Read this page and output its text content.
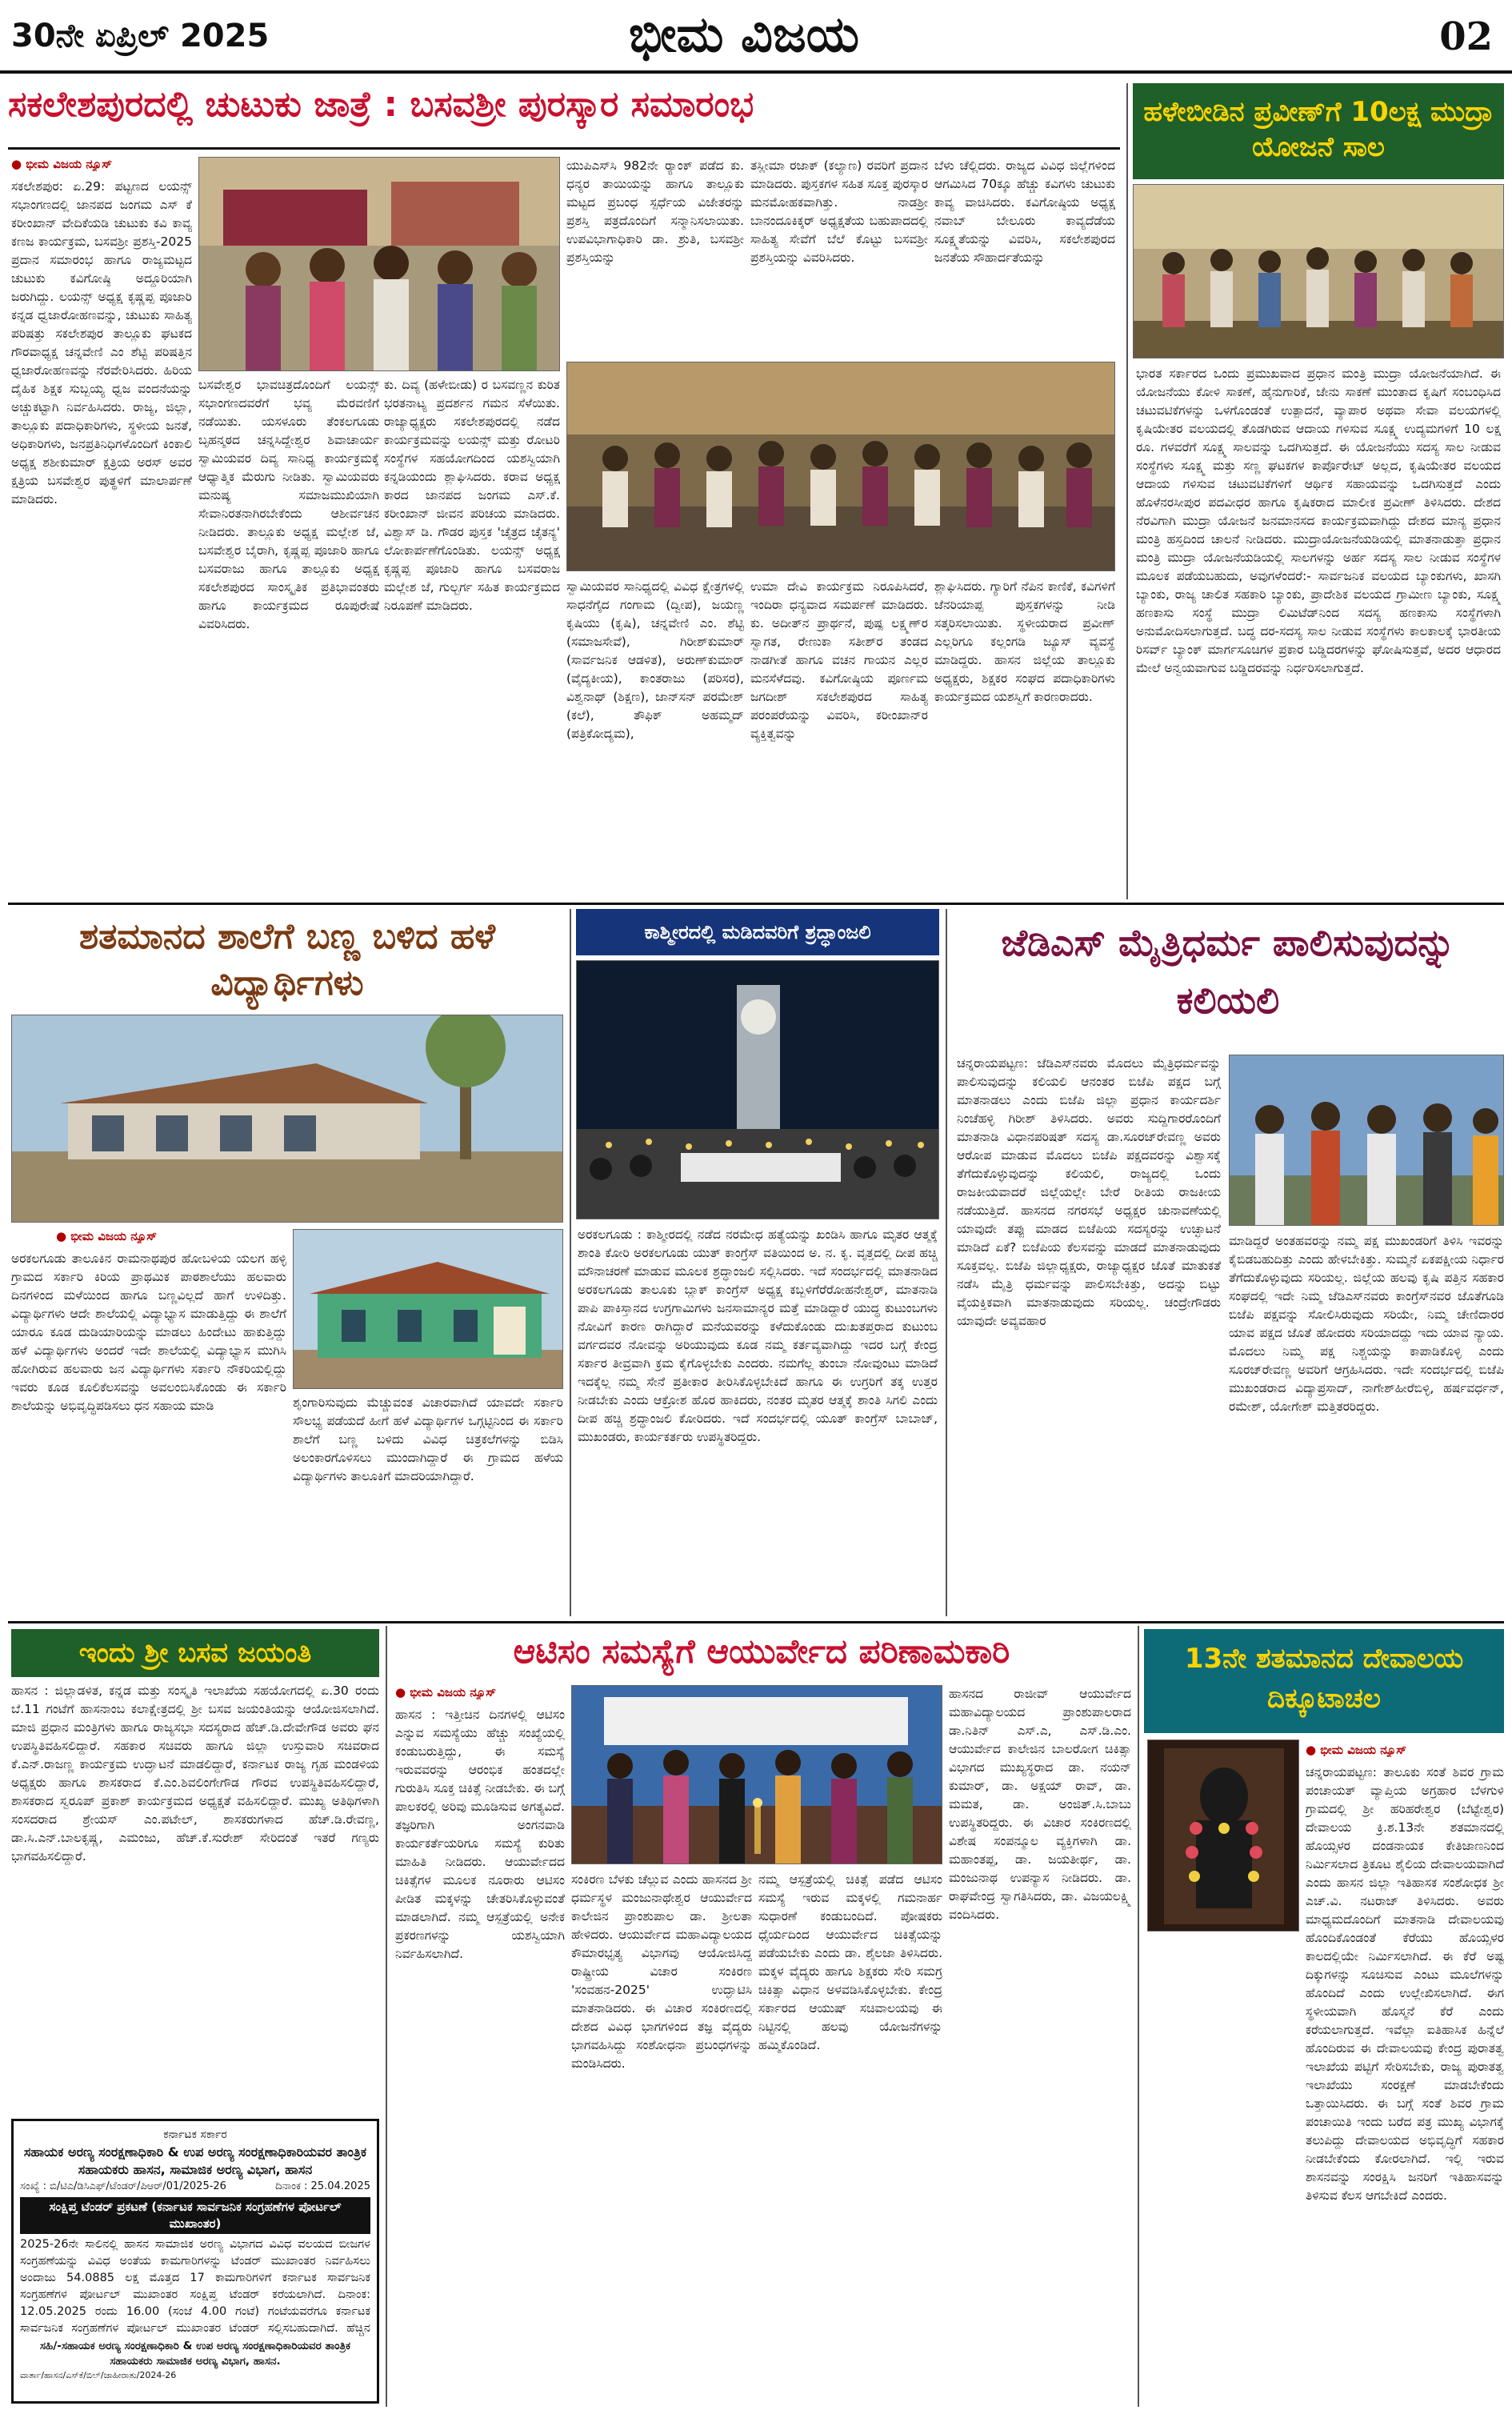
30ನೇ ಏಪ್ರಿಲ್ 2025	ಭೀಮ ವಿಜಯ	02
ಸಕಲೇಶಪುರದಲ್ಲಿ ಚುಟುಕು ಜಾತ್ರೆ : ಬಸವಶ್ರೀ ಪುರಸ್ಕಾರ ಸಮಾರಂಭ
● ಭೀಮ ವಿಜಯ ನ್ಯೂಸ್
ಸಕಲೇಶಪುರ: ಏ.29: ಪಟ್ಟಣದ ಲಯನ್ಸ್ ಸಭಾಂಗಣದಲ್ಲಿ ಜಾನಪದ ಜಂಗಮ ಎಸ್ ಕೆ ಕರೀಂಖಾನ್ ವೇದಿಕೆಯಡಿ ಚುಟುಕು ಕವಿ ಕಾವ್ಯ ಕಣಜ ಕಾರ್ಯಕ್ರಮ, ಬಸವಶ್ರೀ ಪ್ರಶಸ್ತಿ-2025 ಪ್ರದಾನ ಸಮಾರಂಭ ಹಾಗೂ ರಾಜ್ಯಮಟ್ಟದ ಚುಟುಕು ಕವಿಗೋಷ್ಠಿ ಅದ್ದೂರಿಯಾಗಿ ಜರುಗಿದ್ದು. ಲಯನ್ಸ್ ಅಧ್ಯಕ್ಷ ಕೃಷ್ಣಪ್ಪ ಪೂಜಾರಿ ಕನ್ನಡ ಧ್ವಜಾರೋಹಣವನ್ನು, ಚುಟುಕು ಸಾಹಿತ್ಯ ಪರಿಷತ್ತು ಸಕಲೇಶಪುರ ತಾಲ್ಲೂಕು ಘಟಕದ ಗೌರವಾಧ್ಯಕ್ಷ ಚನ್ನವೇಣಿ ಎಂ ಶೆಟ್ಟಿ ಪರಿಷತ್ತಿನ ಧ್ವಜಾರೋಹಣವನ್ನು ನೆರವೇರಿಸಿದರು. ಹಿರಿಯ ದೈಹಿಕ ಶಿಕ್ಷಕ ಸುಬ್ಬಯ್ಯ ಧ್ವಜ ವಂದನೆಯನ್ನು ಅಚ್ಚುಕಟ್ಟಾಗಿ ನಿರ್ವಹಿಸಿದರು. ರಾಜ್ಯ, ಜಿಲ್ಲಾ, ತಾಲ್ಲೂಕು ಪದಾಧಿಕಾರಿಗಳು, ಸ್ಥಳೀಯ ಜನತೆ, ಅಧಿಕಾರಿಗಳು, ಜನಪ್ರತಿನಿಧಿಗಳೊಂದಿಗೆ ಕಿಂಕಾಲಿ ಅಧ್ಯಕ್ಷ ಶಶೀಕುಮಾರ್ ಕ್ಷತ್ರಿಯ ಅರಸ್ ಅವರ ಕ್ಷತ್ರಿಯ ಬಸವೇಶ್ವರ ಪುತ್ಥಳಿಗೆ ಮಾಲಾರ್ಪಣೆ ಮಾಡಿದರು.
ಬಸವೇಶ್ವರ ಭಾವಚಿತ್ರದೊಂದಿಗೆ ಲಯನ್ಸ್ ಸಭಾಂಗಣದವರೆಗೆ ಭವ್ಯ ಮೆರವಣಿಗೆ ನಡೆಯಿತು. ಯಸಳೂರು ತೆಂಕಲಗೂಡು ಬೃಹನ್ಮಠದ ಚನ್ನಸಿದ್ದೇಶ್ವರ ಶಿವಾಚಾರ್ಯ ಸ್ವಾಮಿಯವರ ದಿವ್ಯ ಸಾನಿಧ್ಯ ಕಾರ್ಯಕ್ರಮಕ್ಕೆ ಆಧ್ಯಾತ್ಮಿಕ ಮೆರುಗು ನೀಡಿತು. ಸ್ವಾಮಿಯವರು ಮನುಷ್ಯ ಸಮಾಜಮುಖಿಯಾಗಿ ಸೇವಾನಿರತನಾಗಿರಬೇಕೆಂದು ಆಶೀರ್ವಚನ ನೀಡಿದರು. ತಾಲ್ಲೂಕು ಅಧ್ಯಕ್ಷ ಮಲ್ಲೇಶ ಜೆ, ಬಸವೇಶ್ವರ ಬೈರಾಗಿ, ಕೃಷ್ಣಪ್ಪ ಪೂಜಾರಿ ಹಾಗೂ ಬಸವರಾಜು ಹಾಗೂ ತಾಲ್ಲೂಕು ಅಧ್ಯಕ್ಷ ಸಕಲೇಶಪುರದ ಸಾಂಸ್ಕೃತಿಕ ಪ್ರತಿಭಾವಂತರು ಹಾಗೂ ಕಾರ್ಯಕ್ರಮದ ರೂಪುರೇಷೆ ವಿವರಿಸಿದರು.
ಕು. ದಿವ್ಯ (ಹಳೇಬೀಡು) ರ ಬಸವಣ್ಣನ ಕುರಿತ ಭರತನಾಟ್ಯ ಪ್ರದರ್ಶನ ಗಮನ ಸೆಳೆಯಿತು. ರಾಜ್ಯಾಧ್ಯಕ್ಷರು ಸಕಲೇಶಪುರದಲ್ಲಿ ನಡೆದ ಕಾರ್ಯಕ್ರಮವನ್ನು ಲಯನ್ಸ್ ಮತ್ತು ರೋಟರಿ ಸಂಸ್ಥೆಗಳ ಸಹಯೋಗದಿಂದ ಯಶಸ್ವಿಯಾಗಿ ಕನ್ನಡಿಯಂದು ಶ್ಲಾಘಿಸಿದರು. ಕರಾವ ಅಧ್ಯಕ್ಷ ಕಾರದ ಜಾನಪದ ಜಂಗಮ ಎಸ್.ಕೆ. ಕರೀಂಖಾನ್ ಜೀವನ ಪರಿಚಯ ಮಾಡಿದರು. ವಿಶ್ವಾಸ್ ಡಿ. ಗೌಡರ ಪುಸ್ತಕ 'ಚೈತ್ರದ ಚೈತನ್ಯ' ಲೋಕಾರ್ಪಣೆಗೊಂಡಿತು. ಲಯನ್ಸ್ ಅಧ್ಯಕ್ಷ ಕೃಷ್ಣಪ್ಪ ಪೂಜಾರಿ ಹಾಗೂ ಬಸವರಾಜ ಮಲ್ಲೇಶ ಜೆ, ಗುಲ್ಬರ್ಗ ಸಹಿತ ಕಾರ್ಯಕ್ರಮದ ನಿರೂಪಣೆ ಮಾಡಿದರು.
ಯುಪಿಎಸ್‌ಸಿ 982ನೇ ರ್‍ಯಾಂಕ್ ಪಡೆದ ಕು. ಧನ್ಯರ ತಾಯಿಯನ್ನು ಹಾಗೂ ತಾಲ್ಲೂಕು ಮಟ್ಟದ ಪ್ರಬಂಧ ಸ್ಪರ್ಧೆಯ ವಿಜೇತರನ್ನು ಪ್ರಶಸ್ತಿ ಪತ್ರದೊಂದಿಗೆ ಸನ್ಮಾನಿಸಲಾಯಿತು. ಉಪವಿಭಾಗಾಧಿಕಾರಿ ಡಾ. ಶ್ರುತಿ, ಬಸವಶ್ರೀ ಪ್ರಶಸ್ತಿಯನ್ನು
ತಸ್ಲೀಮಾ ರಜಾಕ್ (ಕಲ್ಯಾಣ) ರವರಿಗೆ ಪ್ರದಾನ ಮಾಡಿದರು. ಪುಸ್ತಕಗಳ ಸಹಿತ ಸೂಕ್ತ ಪುರಸ್ಕಾರ ಮನಮೋಹಕವಾಗಿತ್ತು. ನಾಡಶ್ರೀ ಬಾನಂದೂಕಿಕ್ಕರ್ ಅಧ್ಯಕ್ಷತೆಯ ಬಹುಪಾದದಲ್ಲಿ ಸಾಹಿತ್ಯ ಸೇವೆಗೆ ಬೆಲೆ ಕೊಟ್ಟು ಬಸವಶ್ರೀ ಪ್ರಶಸ್ತಿಯನ್ನು ವಿವರಿಸಿದರು.
ಬೆಳು ಚೆಲ್ಲಿದರು. ರಾಜ್ಯದ ವಿವಿಧ ಜಿಲ್ಲೆಗಳಿಂದ ಆಗಮಿಸಿದ 70ಕ್ಕೂ ಹೆಚ್ಚು ಕವಿಗಳು ಚುಟುಕು ಕಾವ್ಯ ವಾಚಿಸಿದರು. ಕವಿಗೋಷ್ಠಿಯ ಅಧ್ಯಕ್ಷ ನವಾಬ್ ಬೇಲೂರು ಕಾವ್ಯದೆಡೆಯ ಸೂಕ್ಷ್ಮತೆಯನ್ನು ವಿವರಿಸಿ, ಸಕಲೇಶಪುರದ ಜನತೆಯ ಸೌಹಾರ್ದತೆಯನ್ನು
ಸ್ವಾಮಿಯವರ ಸಾನಿಧ್ಯದಲ್ಲಿ ವಿವಿಧ ಕ್ಷೇತ್ರಗಳಲ್ಲಿ ಸಾಧನೆಗೈದ ಗಂಗಾಮ (ದ್ವೀಪ), ಜಯಣ್ಣ ಕೃಷಿಯು (ಕೃಷಿ), ಚನ್ನವೇಣಿ ಎಂ. ಶೆಟ್ಟಿ (ಸಮಾಜಸೇವೆ), ಗಿರೀಶ್‌ಕುಮಾರ್ (ಸಾರ್ವಜನಿಕ ಆಡಳಿತ), ಅರುಣ್‌ಕುಮಾರ್ (ವೈದ್ಯಕೀಯ), ಕಾಂತರಾಜು (ಪರಿಸರ), ವಿಶ್ವನಾಥ್ (ಶಿಕ್ಷಣ), ಜಾನ್‌ಸನ್ ಪರಮೇಶ್ (ಕಲೆ), ತೌಫಿಕ್ ಅಹಮ್ಮದ್ (ಪತ್ರಿಕೋದ್ಯಮ),
ಉಮಾ ದೇವಿ ಕಾರ್ಯಕ್ರಮ ನಿರೂಪಿಸಿದರೆ, ಇಂದಿರಾ ಧನ್ಯವಾದ ಸಮರ್ಪಣೆ ಮಾಡಿದರು. ಕು. ಅದೀತ್‌ನ ಪ್ರಾರ್ಥನೆ, ಪುಷ್ಪ ಲಕ್ಷ್ಮಣ್‌ರ ಸ್ವಾಗತ, ರೇಣುಕಾ ಸತೀಶ್‌ರ ತಂಡದ ನಾಡಗೀತೆ ಹಾಗೂ ವಚನ ಗಾಯನ ಎಲ್ಲರ ಮನಸೆಳೆದವು. ಕವಿಗೋಷ್ಠಿಯ ಪೂರ್ಣಮ ಜಗದೀಶ್ ಸಕಲೇಶಪುರದ ಸಾಹಿತ್ಯ ಪರಂಪರೆಯನ್ನು ವಿವರಿಸಿ, ಕರೀಂಖಾನ್‌ರ ವ್ಯಕ್ತಿತ್ವವನ್ನು
ಶ್ಲಾಘಿಸಿದರು. ಗ್ಯಾರಿಗೆ ನೆಪಿನ ಕಾಣಿಕೆ, ಕವಿಗಳಿಗೆ ಜೆನರಿಯಾಪ್ಪ ಪುಸ್ತಕಗಳನ್ನು ನೀಡಿ ಸತ್ಕರಿಸಲಾಯಿತು. ಸ್ಥಳೀಯರಾದ ಪ್ರವೀಣ್ ಎಲ್ಲರಿಗೂ ಕಲ್ಲಂಗಡಿ ಜ್ಯೂಸ್ ವ್ಯವಸ್ಥೆ ಮಾಡಿದ್ದರು. ಹಾಸನ ಜಿಲ್ಲೆಯ ತಾಲ್ಲೂಕು ಅಧ್ಯಕ್ಷರು, ಶಿಕ್ಷಕರ ಸಂಘದ ಪದಾಧಿಕಾರಿಗಳು ಕಾರ್ಯಕ್ರಮದ ಯಶಸ್ವಿಗೆ ಕಾರಣರಾದರು.
ಹಳೇಬೀಡಿನ ಪ್ರವೀಣ್‌ಗೆ 10ಲಕ್ಷ ಮುದ್ರಾ ಯೋಜನೆ ಸಾಲ
ಭಾರತ ಸರ್ಕಾರದ ಒಂದು ಪ್ರಮುಖವಾದ ಪ್ರಧಾನ ಮಂತ್ರಿ ಮುದ್ರಾ ಯೋಜನೆಯಾಗಿದೆ. ಈ ಯೋಜನೆಯು ಕೋಳಿ ಸಾಕಣೆ, ಹೈನುಗಾರಿಕೆ, ಜೇನು ಸಾಕಣೆ ಮುಂತಾದ ಕೃಷಿಗೆ ಸಂಬಂಧಿಸಿದ ಚಟುವಟಿಕೆಗಳನ್ನು ಒಳಗೊಂಡಂತೆ ಉತ್ಪಾದನೆ, ವ್ಯಾಪಾರ ಅಥವಾ ಸೇವಾ ವಲಯಗಳಲ್ಲಿ ಕೃಷಿಯೇತರ ವಲಯದಲ್ಲಿ ತೊಡಗಿರುವ ಆದಾಯ ಗಳಿಸುವ ಸೂಕ್ಷ್ಮ ಉದ್ಯಮಗಳಿಗೆ 10 ಲಕ್ಷ ರೂ. ಗಳವರೆಗೆ ಸೂಕ್ಷ್ಮ ಸಾಲವನ್ನು ಒದಗಿಸುತ್ತದೆ. ಈ ಯೋಜನೆಯು ಸದಸ್ಯ ಸಾಲ ನೀಡುವ ಸಂಸ್ಥೆಗಳು ಸೂಕ್ಷ್ಮ ಮತ್ತು ಸಣ್ಣ ಘಟಕಗಳ ಕಾರ್ಪೊರೇಟ್ ಅಲ್ಲದ, ಕೃಷಿಯೇತರ ವಲಯದ ಆದಾಯ ಗಳಿಸುವ ಚಟುವಟಿಕೆಗಳಿಗೆ ಆರ್ಥಿಕ ಸಹಾಯವನ್ನು ಒದಗಿಸುತ್ತದೆ ಎಂದು ಹೊಳೆನರಸೀಪುರ ಪದವೀಧರ ಹಾಗೂ ಕೃಷಿಕರಾದ ಮಾಲೀಕ ಪ್ರವೀಣ್ ತಿಳಿಸಿದರು. ದೇಶದ ನೆರವಿಗಾಗಿ ಮುದ್ರಾ ಯೋಜನೆ ಜನಮಾನಸದ ಕಾರ್ಯಕ್ರಮವಾಗಿದ್ದು ದೇಶದ ಮಾನ್ಯ ಪ್ರಧಾನ ಮಂತ್ರಿ ಹಸ್ತದಿಂದ ಚಾಲನೆ ನೀಡಿದರು. ಮುದ್ರಾಯೋಜನೆಯಡಿಯಲ್ಲಿ ಮಾತನಾಡುತ್ತಾ ಪ್ರಧಾನ ಮಂತ್ರಿ ಮುದ್ರಾ ಯೋಜನೆಯಡಿಯಲ್ಲಿ ಸಾಲಗಳನ್ನು ಅರ್ಹ ಸದಸ್ಯ ಸಾಲ ನೀಡುವ ಸಂಸ್ಥೆಗಳ ಮೂಲಕ ಪಡೆಯಬಹುದು, ಅವುಗಳೆಂದರೆ:- ಸಾರ್ವಜನಿಕ ವಲಯದ ಬ್ಯಾಂಕುಗಳು, ಖಾಸಗಿ ಬ್ಯಾಂಕು, ರಾಜ್ಯ ಚಾಲಿತ ಸಹಕಾರಿ ಬ್ಯಾಂಕು, ಪ್ರಾದೇಶಿಕ ವಲಯದ ಗ್ರಾಮೀಣ ಬ್ಯಾಂಕು, ಸೂಕ್ಷ್ಮ ಹಣಕಾಸು ಸಂಸ್ಥೆ ಮುದ್ರಾ ಲಿಮಿಟೆಡ್‌ನಿಂದ ಸದಸ್ಯ ಹಣಕಾಸು ಸಂಸ್ಥೆಗಳಾಗಿ ಅನುಮೋದಿಸಲಾಗುತ್ತದೆ. ಬದ್ಧ ದರ-ಸದಸ್ಯ ಸಾಲ ನೀಡುವ ಸಂಸ್ಥೆಗಳು ಕಾಲಕಾಲಕ್ಕೆ ಭಾರತೀಯ ರಿಸರ್ವ್ ಬ್ಯಾಂಕ್ ಮಾರ್ಗಸೂಚಿಗಳ ಪ್ರಕಾರ ಬಡ್ಡಿದರಗಳನ್ನು ಘೋಷಿಸುತ್ತವೆ, ಅದರ ಆಧಾರದ ಮೇಲೆ ಅನ್ವಯವಾಗುವ ಬಡ್ಡಿದರವನ್ನು ನಿರ್ಧರಿಸಲಾಗುತ್ತದೆ.
ಶತಮಾನದ ಶಾಲೆಗೆ ಬಣ್ಣ ಬಳಿದ ಹಳೆ ವಿದ್ಯಾರ್ಥಿಗಳು
● ಭೀಮ ವಿಜಯ ನ್ಯೂಸ್
ಅರಕಲಗೂಡು ತಾಲೂಕಿನ ರಾಮನಾಥಪುರ ಹೋಬಳಿಯ ಯಲಗ ಹಳ್ಳಿ ಗ್ರಾಮದ ಸರ್ಕಾರಿ ಕಿರಿಯ ಪ್ರಾಥಮಿಕ ಪಾಠಶಾಲೆಯು ಹಲವಾರು ದಿನಗಳಿಂದ ಮಳೆಯಿಂದ ಹಾಗೂ ಬಣ್ಣವಿಲ್ಲದೆ ಹಾಗೆ ಉಳಿದಿತ್ತು. ವಿದ್ಯಾರ್ಥಿಗಳು ಆದೇ ಶಾಲೆಯಲ್ಲಿ ವಿದ್ಯಾಭ್ಯಾಸ ಮಾಡುತ್ತಿದ್ದು ಈ ಶಾಲೆಗೆ ಯಾರೂ ಕೂಡ ದುಡಿಯಾರಿಯನ್ನು ಮಾಡಲು ಹಿಂದೇಟು ಹಾಕುತ್ತಿದ್ದು ಹಳೆ ವಿದ್ಯಾರ್ಥಿಗಳು ಅಂದರೆ ಇದೇ ಶಾಲೆಯಲ್ಲಿ ವಿದ್ಯಾಭ್ಯಾಸ ಮುಗಿಸಿ ಹೋಗಿರುವ ಹಲವಾರು ಜನ ವಿದ್ಯಾರ್ಥಿಗಳು ಸರ್ಕಾರಿ ನೌಕರಿಯಲ್ಲಿದ್ದು ಇವರು ಕೂಡ ಕೂಲಿಕೆಲಸವನ್ನು ಅವಲಂಬಿಸಿಕೊಂಡು ಈ ಸರ್ಕಾರಿ ಶಾಲೆಯನ್ನು ಅಭಿವೃದ್ಧಿಪಡಿಸಲು ಧನ ಸಹಾಯ ಮಾಡಿ	ಶೃಂಗಾರಿಸುವುದು ಮೆಚ್ಚುವಂತ ವಿಚಾರವಾಗಿದೆ ಯಾವದೇ ಸರ್ಕಾರಿ ಸೌಲಭ್ಯ ಪಡೆಯದೆ ಹೀಗೆ ಹಳೆ ವಿದ್ಯಾರ್ಥಿಗಳ ಒಗ್ಗಟ್ಟಿನಿಂದ ಈ ಸರ್ಕಾರಿ ಶಾಲೆಗೆ ಬಣ್ಣ ಬಳಿದು ವಿವಿಧ ಚಿತ್ರಕಲೆಗಳನ್ನು ಬಿಡಿಸಿ ಅಲಂಕಾರಗೊಳಿಸಲು ಮುಂದಾಗಿದ್ದಾರೆ ಈ ಗ್ರಾಮದ ಹಳೆಯ ವಿದ್ಯಾರ್ಥಿಗಳು ತಾಲೂಕಿಗೆ ಮಾದರಿಯಾಗಿದ್ದಾರೆ.
ಕಾಶ್ಮೀರದಲ್ಲಿ ಮಡಿದವರಿಗೆ ಶ್ರದ್ಧಾಂಜಲಿ
ಅರಕಲಗೂಡು : ಕಾಶ್ಮೀರದಲ್ಲಿ ನಡೆದ ನರಮೇಧ ಹತ್ಯೆಯನ್ನು ಖಂಡಿಸಿ ಹಾಗೂ ಮೃತರ ಆತ್ಮಕ್ಕೆ ಶಾಂತಿ ಕೋರಿ ಅರಕಲಗೂಡು ಯುತ್ ಕಾಂಗ್ರೆಸ್ ವತಿಯಿಂದ ಅ. ನ. ಕೃ. ವೃತ್ತದಲ್ಲಿ ದೀಪ ಹಚ್ಚಿ ಮೌನಾಚರಣೆ ಮಾಡುವ ಮೂಲಕ ಶ್ರದ್ಧಾಂಜಲಿ ಸಲ್ಲಿಸಿದರು. ಇದೆ ಸಂದರ್ಭದಲ್ಲಿ ಮಾತನಾಡಿದ ಅರಕಲಗೂಡು ತಾಲೂಕು ಬ್ಲಾಕ್ ಕಾಂಗ್ರೆಸ್ ಅಧ್ಯಕ್ಷ ಕಬ್ಬಳಿಗೆರೆರೋಹನೇಶ್ವರ್, ಮಾತನಾಡಿ ಪಾಪಿ ಪಾಕಿಸ್ತಾನದ ಉಗ್ರಗಾಮಿಗಳು ಜನಸಾಮಾನ್ಯರ ಮತ್ತೆ ಮಾಡಿದ್ದಾರೆ ಯುದ್ಧ ಕುಟುಂಬಗಳು ನೋವಿಗೆ ಕಾರಣ ರಾಗಿದ್ದಾರೆ ಮನೆಯವರನ್ನು ಕಳೆದುಕೊಂಡು ದುಃಖತಪ್ತರಾದ ಕುಟುಂಬ ವರ್ಗದವರ ನೋವನ್ನು ಅರಿಯುವುದು ಕೂಡ ನಮ್ಮ ಕರ್ತವ್ಯವಾಗಿದ್ದು ಇದರ ಬಗ್ಗೆ ಕೇಂದ್ರ ಸರ್ಕಾರ ತೀವ್ರವಾಗಿ ಕ್ರಮ ಕೈಗೊಳ್ಳಬೇಕು ಎಂದರು. ನಮಗೆಲ್ಲ ತುಂಬಾ ನೋವುಂಟು ಮಾಡಿದೆ ಇದಕ್ಕೆಲ್ಲ ನಮ್ಮ ಸೇನೆ ಪ್ರತೀಕಾರ ತೀರಿಸಿಕೊಳ್ಳಬೇಕಿದೆ ಹಾಗೂ ಈ ಉಗ್ರರಿಗೆ ತಕ್ಕ ಉತ್ತರ ನೀಡಬೇಕು ಎಂದು ಆಕ್ರೋಶ ಹೊರ ಹಾಕಿದರು, ನಂತರ ಮೃತರ ಆತ್ಮಕ್ಕೆ ಶಾಂತಿ ಸಿಗಲಿ ಎಂದು ದೀಪ ಹಚ್ಚಿ ಶ್ರದ್ಧಾಂಜಲಿ ಕೋರಿದರು. ಇದೆ ಸಂದರ್ಭದಲ್ಲಿ ಯೂತ್ ಕಾಂಗ್ರೆಸ್ ಬಾಬಾಜ್, ಮುಖಂಡರು, ಕಾರ್ಯಕರ್ತರು ಉಪಸ್ಥಿತರಿದ್ದರು.
ಜೆಡಿಎಸ್ ಮೈತ್ರಿಧರ್ಮ ಪಾಲಿಸುವುದನ್ನು ಕಲಿಯಲಿ
ಚನ್ನರಾಯಪಟ್ಟಣ: ಜೆಡಿಎಸ್‌ನವರು ಮೊದಲು ಮೈತ್ರಿಧರ್ಮವನ್ನು ಪಾಲಿಸುವುದನ್ನು ಕಲಿಯಲಿ ಆನಂತರ ಬಿಜೆಪಿ ಪಕ್ಷದ ಬಗ್ಗೆ ಮಾತನಾಡಲು ಎಂದು ಬಿಜೆಪಿ ಜಿಲ್ಲಾ ಪ್ರಧಾನ ಕಾರ್ಯದರ್ಶಿ ನಿಂಚೆಹಳ್ಳಿ ಗಿರೀಶ್ ತಿಳಿಸಿದರು. ಅವರು ಸುದ್ದಿಗಾರರೊಂದಿಗೆ ಮಾತನಾಡಿ ವಿಧಾನಪರಿಷತ್ ಸದಸ್ಯ ಡಾ.ಸೂರಜ್‌ರೇವಣ್ಣ ಅವರು ಆರೋಪ ಮಾಡುವ ಮೊದಲು ಬಿಜೆಪಿ ಪಕ್ಷದವರನ್ನು ವಿಶ್ವಾಸಕ್ಕೆ ತೆಗೆದುಕೊಳ್ಳುವುದನ್ನು ಕಲಿಯಲಿ, ರಾಜ್ಯದಲ್ಲಿ ಒಂದು ರಾಜಕೀಯವಾದರೆ ಜಿಲ್ಲೆಯಲ್ಲೇ ಬೇರೆ ರೀತಿಯ ರಾಜಕೀಯ ನಡೆಯುತ್ತಿದೆ. ಹಾಸನದ ನಗರಸಭೆ ಅಧ್ಯಕ್ಷರ ಚುನಾವಣೆಯಲ್ಲಿ ಯಾವುದೇ ತಪ್ಪು ಮಾಡದ ಬಿಜೆಪಿಯ ಸದಸ್ಯರನ್ನು ಉಚ್ಛಾಟನೆ ಮಾಡಿದೆ ಏಕೆ? ಬಿಜೆಪಿಯ ಕೆಲಸವನ್ನು ಮಾಡದೆ ಮಾತನಾಡುವುದು ಸೂಕ್ತವಲ್ಲ. ಬಿಜೆಪಿ ಜಿಲ್ಲಾಧ್ಯಕ್ಷರು, ರಾಜ್ಯಾಧ್ಯಕ್ಷರ ಜೊತೆ ಮಾತುಕತೆ ನಡೆಸಿ ಮೈತ್ರಿ ಧರ್ಮವನ್ನು ಪಾಲಿಸಬೇಕಿತ್ತು, ಅದನ್ನು ಬಿಟ್ಟು ವೈಯಕ್ತಿಕವಾಗಿ ಮಾತನಾಡುವುದು ಸರಿಯಲ್ಲ. ಚಂದ್ರೇಗೌಡರು ಯಾವುದೇ ಅವ್ಯವಹಾರ
ಮಾಡಿದ್ದರೆ ಅಂತಹವರನ್ನು ನಮ್ಮ ಪಕ್ಷ ಮುಖಂಡರಿಗೆ ತಿಳಿಸಿ ಇವರನ್ನು ಕೈಬಿಡಬಹುದಿತ್ತು ಎಂದು ಹೇಳಬೇಕಿತ್ತು. ಸುಮ್ಮನೆ ಏಕಪಕ್ಷೀಯ ನಿರ್ಧಾರ ತೆಗೆದುಕೊಳ್ಳುವುದು ಸರಿಯಲ್ಲ. ಜಿಲ್ಲೆಯ ಹಲವು ಕೃಷಿ ಪತ್ತಿನ ಸಹಕಾರ ಸಂಘದಲ್ಲಿ ಇದೇ ನಿಮ್ಮ ಜೆಡಿಎಸ್‌ನವರು ಕಾಂಗ್ರೆಸ್‌ನವರ ಜೊತೆಗೂಡಿ ಬಿಜೆಪಿ ಪಕ್ಷವನ್ನು ಸೋಲಿಸಿರುವುದು ಸರಿಯೇ, ನಿಮ್ಮ ಚೇಣಿದಾರರ ಯಾವ ಪಕ್ಷದ ಜೊತೆ ಹೋದರು ಸರಿಯಾದದ್ದು ಇದು ಯಾವ ನ್ಯಾಯ. ಮೊದಲು ನಿಮ್ಮ ಪಕ್ಷ ನಿಶ್ಚಯನ್ನು ಕಾಪಾಡಿಕೊಳ್ಳಿ ಎಂದು ಸೂರಜ್‌ರೇವಣ್ಣ ಅವರಿಗೆ ಆಗ್ರಹಿಸಿದರು. ಇದೇ ಸಂದರ್ಭದಲ್ಲಿ ಬಿಜೆಪಿ ಮುಖಂಡರಾದ ವಿದ್ಯಾಪ್ರಸಾದ್, ನಾಗೇಶ್‌ಹೀರೆಬಿಳ್ಳಿ, ಹರ್ಷವರ್ಧನ್, ರಮೇಶ್, ಯೋಗೇಶ್ ಮತ್ತಿತರರಿದ್ದರು.
ಇಂದು ಶ್ರೀ ಬಸವ ಜಯಂತಿ
ಹಾಸನ : ಜಿಲ್ಲಾಡಳಿತ, ಕನ್ನಡ ಮತ್ತು ಸಂಸ್ಕೃತಿ ಇಲಾಖೆಯ ಸಹಯೋಗದಲ್ಲಿ ಏ.30 ರಂದು ಬೆ.11 ಗಂಟೆಗೆ ಹಾಸನಾಂಬ ಕಲಾಕ್ಷೇತ್ರದಲ್ಲಿ ಶ್ರೀ ಬಸವ ಜಯಂತಿಯನ್ನು ಆಯೋಜಿಸಲಾಗಿದೆ. ಮಾಜಿ ಪ್ರಧಾನ ಮಂತ್ರಿಗಳು ಹಾಗೂ ರಾಜ್ಯಸಭಾ ಸದಸ್ಯರಾದ ಹೆಚ್.ಡಿ.ದೇವೇಗೌಡ ಅವರು ಘನ ಉಪಸ್ಥಿತಿವಹಿಸಲಿದ್ದಾರೆ. ಸಹಕಾರ ಸಚಿವರು ಹಾಗೂ ಜಿಲ್ಲಾ ಉಸ್ತುವಾರಿ ಸಚಿವರಾದ ಕೆ.ಎನ್.ರಾಜಣ್ಣ ಕಾರ್ಯಕ್ರಮ ಉದ್ಘಾಟನೆ ಮಾಡಲಿದ್ದಾರೆ, ಕರ್ನಾಟಕ ರಾಜ್ಯ ಗೃಹ ಮಂಡಳಿಯ ಅಧ್ಯಕ್ಷರು ಹಾಗೂ ಶಾಸಕರಾದ ಕೆ.ಎಂ.ಶಿವಲಿಂಗೇಗೌಡ ಗೌರವ ಉಪಸ್ಥಿತಿವಹಿಸಲಿದ್ದಾರೆ, ಶಾಸಕರಾದ ಸ್ವರೂಪ್ ಪ್ರಕಾಶ್ ಕಾರ್ಯಕ್ರಮದ ಅಧ್ಯಕ್ಷತೆ ವಹಿಸಲಿದ್ದಾರೆ. ಮುಖ್ಯ ಅತಿಥಿಗಳಾಗಿ ಸಂಸದರಾದ ಶ್ರೇಯಸ್ ಎಂ.ಪಟೇಲ್, ಶಾಸಕರುಗಳಾದ ಹೆಚ್.ಡಿ.ರೇವಣ್ಣ, ಡಾ.ಸಿ.ಎನ್.ಬಾಲಕೃಷ್ಣ, ಎಮಂಜು, ಹೆಚ್.ಕೆ.ಸುರೇಶ್ ಸೇರಿದಂತೆ ಇತರೆ ಗಣ್ಯರು ಭಾಗವಹಿಸಲಿದ್ದಾರೆ.
ಕರ್ನಾಟಕ ಸರ್ಕಾರ
ಸಹಾಯಕ ಅರಣ್ಯ ಸಂರಕ್ಷಣಾಧಿಕಾರಿ & ಉಪ ಅರಣ್ಯ ಸಂರಕ್ಷಣಾಧಿಕಾರಿಯವರ ತಾಂತ್ರಿಕ ಸಹಾಯಕರು ಹಾಸನ, ಸಾಮಾಜಿಕ ಅರಣ್ಯ ವಿಭಾಗ, ಹಾಸನ
ಸಂಖ್ಯೆ : ಬಿ/ಟಿಎ/ಡಿಸಿಎಫ್/ಟೆಂಡರ್/ಪಿಆರ್/01/2025-26	ದಿನಾಂಕ : 25.04.2025
ಸಂಕ್ಷಿಪ್ತ ಟೆಂಡರ್ ಪ್ರಕಟಣೆ (ಕರ್ನಾಟಕ ಸಾರ್ವಜನಿಕ ಸಂಗ್ರಹಣೆಗಳ ಪೋರ್ಟಲ್ ಮುಖಾಂತರ)
2025-26ನೇ ಸಾಲಿನಲ್ಲಿ ಹಾಸನ ಸಾಮಾಜಿಕ ಅರಣ್ಯ ವಿಭಾಗದ ವಿವಿಧ ವಲಯದ ಬೀಜಗಳ ಸಂಗ್ರಹಣೆಯನ್ನು ವಿವಿಧ ಅಂತೆಯ ಕಾಮಗಾರಿಗಳನ್ನು ಟೆಂಡರ್ ಮುಖಾಂತರ ನಿರ್ವಹಿಸಲು ಅಂದಾಜು 54.0885 ಲಕ್ಷ ಮೊತ್ತದ 17 ಕಾಮಗಾರಿಗಳಿಗೆ ಕರ್ನಾಟಕ ಸಾರ್ವಜನಿಕ ಸಂಗ್ರಹಣೆಗಳ ಪೋರ್ಟಲ್ ಮುಖಾಂತರ ಸಂಕ್ಷಿಪ್ತ ಟೆಂಡರ್ ಕರೆಯಲಾಗಿದೆ. ದಿನಾಂಕ: 12.05.2025 ರಂದು 16.00 (ಸಂಜೆ 4.00 ಗಂಟೆ) ಗಂಟೆಯವರೆಗೂ ಕರ್ನಾಟಕ ಸಾರ್ವಜನಿಕ ಸಂಗ್ರಹಣೆಗಳ ಪೋರ್ಟಲ್ ಮುಖಾಂತರ ಟೆಂಡರ್ ಸಲ್ಲಿಸಬಹುದಾಗಿದೆ. ಹೆಚ್ಚಿನ
ಸಹಿ/-ಸಹಾಯಕ ಅರಣ್ಯ ಸಂರಕ್ಷಣಾಧಿಕಾರಿ & ಉಪ ಅರಣ್ಯ ಸಂರಕ್ಷಣಾಧಿಕಾರಿಯವರ ತಾಂತ್ರಿಕ ಸಹಾಯಕರು ಸಾಮಾಜಿಕ ಅರಣ್ಯ ವಿಭಾಗ, ಹಾಸನ.
ವಾರ್ತಾ/ಹಾಸನ/ಎಸ್‌ಕೆ/ಬಿಲ್/ಜಾಹೀರಾತು/2024-26
ಆಟಿಸಂ ಸಮಸ್ಯೆಗೆ ಆಯುರ್ವೇದ ಪರಿಣಾಮಕಾರಿ
● ಭೀಮ ವಿಜಯ ನ್ಯೂಸ್
ಹಾಸನ : ಇತ್ತೀಚಿನ ದಿನಗಳಲ್ಲಿ ಆಟಿಸಂ ಎನ್ನುವ ಸಮಸ್ಯೆಯು ಹೆಚ್ಚು ಸಂಖ್ಯೆಯಲ್ಲಿ ಕಂಡುಬರುತ್ತಿದ್ದು, ಈ ಸಮಸ್ಯೆ ಇರುವವರನ್ನು ಆರಂಭಿಕ ಹಂತದಲ್ಲೇ ಗುರುತಿಸಿ ಸೂಕ್ತ ಚಿಕಿತ್ಸೆ ನೀಡಬೇಕು. ಈ ಬಗ್ಗೆ ಪಾಲಕರಲ್ಲಿ ಅರಿವು ಮೂಡಿಸುವ ಅಗತ್ಯವಿದೆ. ತಜ್ಞರಿಗಾಗಿ ಅಂಗನವಾಡಿ ಕಾರ್ಯಕರ್ತೆಯರಿಗೂ ಸಮಸ್ಯೆ ಕುರಿತು ಮಾಹಿತಿ ನೀಡಿದರು. ಆಯುರ್ವೇದದ ಚಿಕಿತ್ಸೆಗಳ ಮೂಲಕ ನೂರಾರು ಆಟಿಸಂ ಪೀಡಿತ ಮಕ್ಕಳನ್ನು ಚೇತರಿಸಿಕೊಳ್ಳುವಂತೆ ಮಾಡಲಾಗಿದೆ. ನಮ್ಮ ಆಸ್ಪತ್ರೆಯಲ್ಲಿ ಅನೇಕ ಪ್ರಕರಣಗಳನ್ನು ಯಶಸ್ವಿಯಾಗಿ ನಿರ್ವಹಿಸಲಾಗಿದೆ.
ಸಂಕಿರಣ ಬೆಳಕು ಚೆಲ್ಲುವ ಎಂದು ಹಾಸನದ ಶ್ರೀ ಧರ್ಮಸ್ಥಳ ಮಂಜುನಾಥೇಶ್ವರ ಆಯುರ್ವೇದ ಕಾಲೇಜಿನ ಪ್ರಾಂಶುಪಾಲ ಡಾ. ಶ್ರೀಲತಾ ಹೇಳಿದರು. ಆಯುರ್ವೇದ ಮಹಾವಿದ್ಯಾಲಯದ ಕೌಮಾರಭೃತ್ಯ ವಿಭಾಗವು ಆಯೋಜಿಸಿದ್ದ ರಾಷ್ಟ್ರೀಯ ವಿಚಾರ ಸಂಕಿರಣ 'ಸಂವಹನ-2025' ಉದ್ಘಾಟಿಸಿ ಮಾತನಾಡಿದರು. ಈ ವಿಚಾರ ಸಂಕಿರಣದಲ್ಲಿ ದೇಶದ ವಿವಿಧ ಭಾಗಗಳಿಂದ ತಜ್ಞ ವೈದ್ಯರು ಭಾಗವಹಿಸಿದ್ದು ಸಂಶೋಧನಾ ಪ್ರಬಂಧಗಳನ್ನು ಮಂಡಿಸಿದರು.
ನಮ್ಮ ಆಸ್ಪತ್ರೆಯಲ್ಲಿ ಚಿಕಿತ್ಸೆ ಪಡೆದ ಆಟಿಸಂ ಸಮಸ್ಯೆ ಇರುವ ಮಕ್ಕಳಲ್ಲಿ ಗಮನಾರ್ಹ ಸುಧಾರಣೆ ಕಂಡುಬಂದಿದೆ. ಪೋಷಕರು ಧೈರ್ಯದಿಂದ ಆಯುರ್ವೇದ ಚಿಕಿತ್ಸೆಯನ್ನು ಪಡೆಯಬೇಕು ಎಂದು ಡಾ. ಶೈಲಜಾ ತಿಳಿಸಿದರು. ಮಕ್ಕಳ ವೈದ್ಯರು ಹಾಗೂ ಶಿಕ್ಷಕರು ಸೇರಿ ಸಮಗ್ರ ಚಿಕಿತ್ಸಾ ವಿಧಾನ ಅಳವಡಿಸಿಕೊಳ್ಳಬೇಕು. ಕೇಂದ್ರ ಸರ್ಕಾರದ ಆಯುಷ್ ಸಚಿವಾಲಯವು ಈ ನಿಟ್ಟಿನಲ್ಲಿ ಹಲವು ಯೋಜನೆಗಳನ್ನು ಹಮ್ಮಿಕೊಂಡಿದೆ.
ಹಾಸನದ ರಾಜೀವ್ ಆಯುರ್ವೇದ ಮಹಾವಿದ್ಯಾಲಯದ ಪ್ರಾಂಶುಪಾಲರಾದ ಡಾ.ನಿತಿನ್ ಎಸ್.ಎ, ಎಸ್.ಡಿ.ಎಂ. ಆಯುರ್ವೇದ ಕಾಲೇಜಿನ ಬಾಲರೋಗ ಚಿಕಿತ್ಸಾ ವಿಭಾಗದ ಮುಖ್ಯಸ್ಥರಾದ ಡಾ. ನಯನ್ ಕುಮಾರ್, ಡಾ. ಅಕ್ಷಯ್ ರಾವ್, ಡಾ. ಮಮತ, ಡಾ. ಅಂಜಿತ್.ಸಿ.ಬಾಬು ಉಪಸ್ಥಿತರಿದ್ದರು. ಈ ವಿಚಾರ ಸಂಕಿರಣದಲ್ಲಿ ವಿಶೇಷ ಸಂಪನ್ಮೂಲ ವ್ಯಕ್ತಿಗಳಾಗಿ ಡಾ. ಮಹಾಂತಪ್ಪ, ಡಾ. ಜಯತೀರ್ಥ, ಡಾ. ಮಂಜುನಾಥ ಉಪನ್ಯಾಸ ನೀಡಿದರು. ಡಾ. ರಾಘವೇಂದ್ರ ಸ್ವಾಗತಿಸಿದರು, ಡಾ. ವಿಜಯಲಕ್ಷ್ಮಿ ವಂದಿಸಿದರು.
13ನೇ ಶತಮಾನದ ದೇವಾಲಯ ದಿಕ್ಕೂಟಾಚಲ
● ಭೀಮ ವಿಜಯ ನ್ಯೂಸ್
ಚನ್ನರಾಯಪಟ್ಟಣ: ತಾಲೂಕು ಸಂತೆ ಶಿವರ ಗ್ರಾಮ ಪಂಚಾಯತ್ ವ್ಯಾಪ್ತಿಯ ಅಗ್ರಹಾರ ಬೆಳಗುಳಿ ಗ್ರಾಮದಲ್ಲಿ ಶ್ರೀ ಹರಿಹರೇಶ್ವರ (ಬೆಟ್ಟೇಶ್ವರ) ದೇವಾಲಯ ಕ್ರಿ.ಶ.13ನೇ ಶತಮಾನದಲ್ಲಿ ಹೊಯ್ಸಳರ ದಂಡನಾಯಕ ಕೇತಿಜಾಣನಿಂದ ನಿರ್ಮಿಸಲಾದ ತ್ರಿಕೂಟ ಶೈಲಿಯ ದೇವಾಲಯವಾಗಿದೆ ಎಂದು ಹಾಸನ ಜಿಲ್ಲಾ ಇತಿಹಾಸಕ ಸಂಶೋಧಕ ಶ್ರೀ ಎಚ್.ವಿ. ನಟರಾಜ್ ತಿಳಿಸಿದರು. ಅವರು ಮಾಧ್ಯಮದೊಂದಿಗೆ ಮಾತನಾಡಿ ದೇವಾಲಯವು ಹೊಂದಿಕೊಂಡಂತೆ ಕೆರೆಯು ಹೊಯ್ಸಳರ ಕಾಲದಲ್ಲಿಯೇ ನಿರ್ಮಿಸಲಾಗಿದೆ. ಈ ಕೆರೆ ಅಷ್ಟ ದಿಕ್ಕುಗಳನ್ನು ಸೂಚಿಸುವ ಎಂಟು ಮೂಲೆಗಳನ್ನು ಹೊಂದಿದೆ ಎಂದು ಉಲ್ಲೇಖಿಸಲಾಗಿದೆ. ಈಗ ಸ್ಥಳೀಯವಾಗಿ ಹೊಸ್ಮನೆ ಕೆರೆ ಎಂದು ಕರೆಯಲಾಗುತ್ತದೆ. ಇವೆಲ್ಲಾ ಐತಿಹಾಸಿಕ ಹಿನ್ನೆಲೆ ಹೊಂದಿರುವ ಈ ದೇವಾಲಯವು ಕೇಂದ್ರ ಪುರಾತತ್ವ ಇಲಾಖೆಯ ಪಟ್ಟಿಗೆ ಸೇರಿಸಬೇಕು, ರಾಜ್ಯ ಪುರಾತತ್ವ ಇಲಾಖೆಯು ಸಂರಕ್ಷಣೆ ಮಾಡಬೇಕೆಂದು ಒತ್ತಾಯಿಸಿದರು. ಈ ಬಗ್ಗೆ ಸಂತೆ ಶಿವರ ಗ್ರಾಮ ಪಂಚಾಯಿತಿ ಇಂದು ಬರೆದ ಪತ್ರ ಮುಖ್ಯ ವಿಭಾಗಕ್ಕೆ ತಲುಪಿದ್ದು ದೇವಾಲಯದ ಅಭಿವೃದ್ಧಿಗೆ ಸಹಕಾರ ನೀಡಬೇಕೆಂದು ಕೋರಲಾಗಿದೆ. ಇಲ್ಲಿ ಇರುವ ಶಾಸನವನ್ನು ಸಂರಕ್ಷಿಸಿ ಜನರಿಗೆ ಇತಿಹಾಸವನ್ನು ತಿಳಿಸುವ ಕೆಲಸ ಆಗಬೇಕಿದೆ ಎಂದರು.
